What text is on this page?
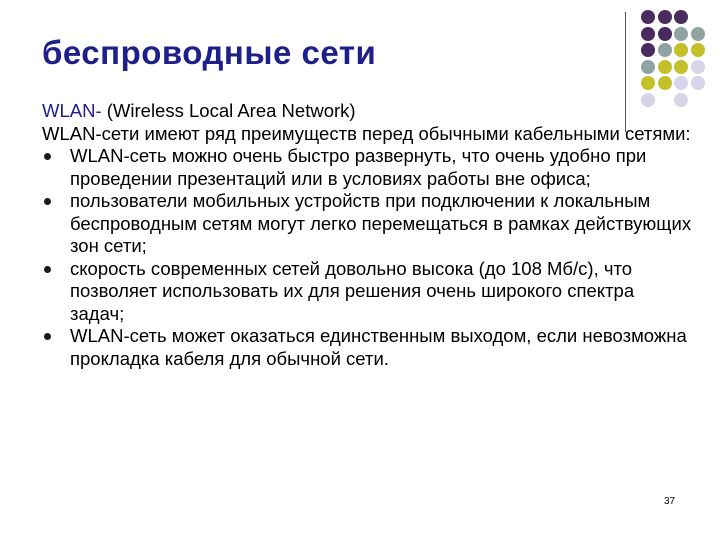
беспроводные сети
WLAN- (Wireless Local Area Network)
WLAN-сети имеют ряд преимуществ перед обычными кабельными сетями:
WLAN-сеть можно очень быстро развернуть, что очень удобно при проведении презентаций или в условиях работы вне офиса;
пользователи мобильных устройств при подключении к локальным беспроводным сетям могут легко перемещаться в рамках действующих зон сети;
скорость современных сетей довольно высока (до 108 Мб/с), что позволяет использовать их для решения очень широкого спектра задач;
WLAN-сеть может оказаться единственным выходом, если невозможна прокладка кабеля для обычной сети.
37
